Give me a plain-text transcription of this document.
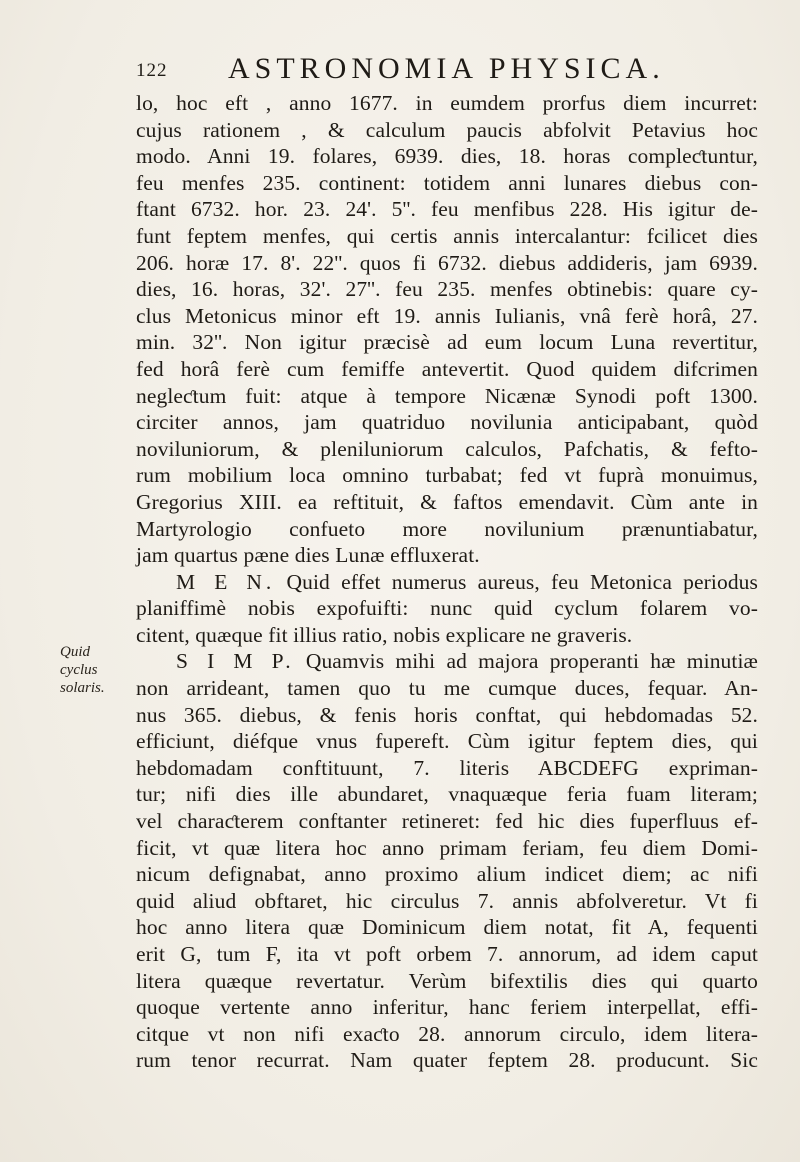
122 ASTRONOMIA PHYSICA.
Quid cyclus
solaris.
lo, hoc eft , anno 1677. in eumdem prorfus diem incurret:
cujus rationem , & calculum paucis abfolvit Petavius hoc
modo. Anni 19. folares, 6939. dies, 18. horas compleƈtuntur,
feu menfes 235. continent: totidem anni lunares diebus con-
ftant 6732. hor. 23. 24'. 5''. feu menfibus 228. His igitur de-
funt feptem menfes, qui certis annis intercalantur: fcilicet dies
206. horæ 17. 8'. 22''. quos fi 6732. diebus addideris, jam 6939.
dies, 16. horas, 32'. 27''. feu 235. menfes obtinebis: quare cy-
clus Metonicus minor eft 19. annis Iulianis, vnâ ferè horâ, 27.
min. 32''. Non igitur præcisè ad eum locum Luna revertitur,
fed horâ ferè cum femiffe antevertit. Quod quidem difcrimen
negleƈtum fuit: atque à tempore Nicænæ Synodi poft 1300.
circiter annos, jam quatriduo novilunia anticipabant, quòd
noviluniorum, & pleniluniorum calculos, Pafchatis, & fefto-
rum mobilium loca omnino turbabat; fed vt fuprà monuimus,
Gregorius XIII. ea reftituit, & faftos emendavit. Cùm ante in
Martyrologio confueto more novilunium prænuntiabatur,
jam quartus pæne dies Lunæ effluxerat.
M E N. Quid effet numerus aureus, feu Metonica periodus
planiffimè nobis expofuifti: nunc quid cyclum folarem vo-
citent, quæque fit illius ratio, nobis explicare ne graveris.
S I M P. Quamvis mihi ad majora properanti hæ minutiæ
non arrideant, tamen quo tu me cumque duces, fequar. An-
nus 365. diebus, & fenis horis conftat, qui hebdomadas 52.
efficiunt, diéfque vnus fupereft. Cùm igitur feptem dies, qui
hebdomadam conftituunt, 7. literis ABCDEFG expriman-
tur; nifi dies ille abundaret, vnaquæque feria fuam literam;
vel charaƈterem conftanter retineret: fed hic dies fuperfluus ef-
ficit, vt quæ litera hoc anno primam feriam, feu diem Domi-
nicum defignabat, anno proximo alium indicet diem; ac nifi
quid aliud obftaret, hic circulus 7. annis abfolveretur. Vt fi
hoc anno litera quæ Dominicum diem notat, fit A, fequenti
erit G, tum F, ita vt poft orbem 7. annorum, ad idem caput
litera quæque revertatur. Verùm bifextilis dies qui quarto
quoque vertente anno inferitur, hanc feriem interpellat, effi-
citque vt non nifi exaƈto 28. annorum circulo, idem litera-
rum tenor recurrat. Nam quater feptem 28. producunt. Sic
